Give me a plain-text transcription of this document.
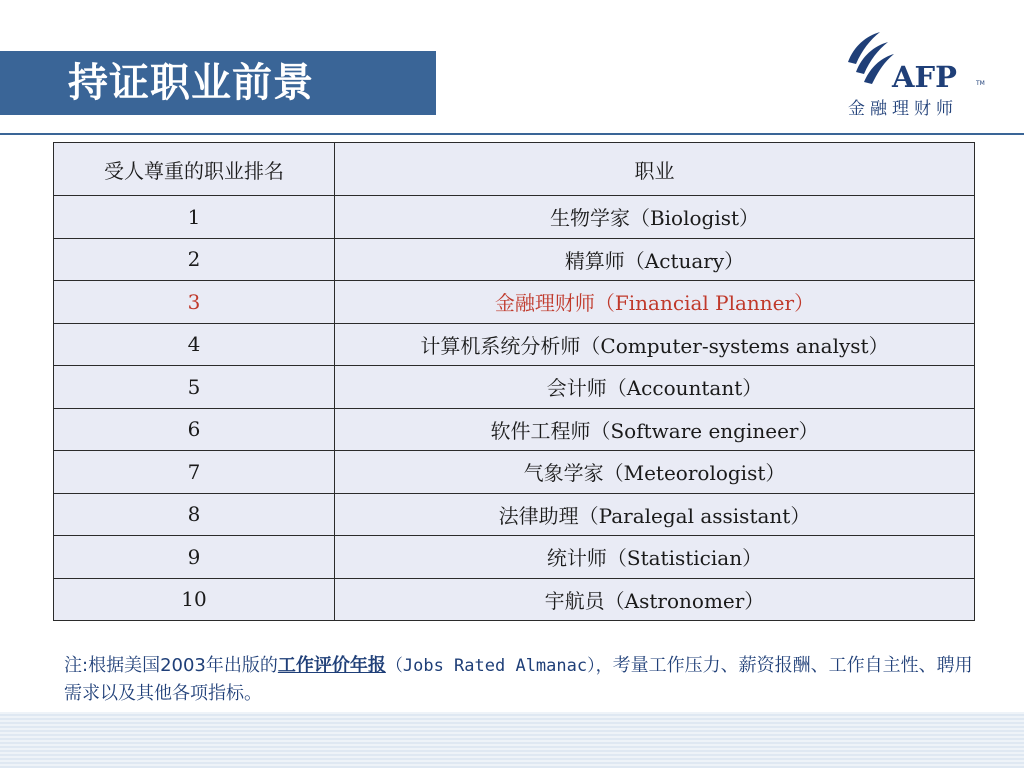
持证职业前景	AFP	TM
金融理财师
受人尊重的职业排名	职业
1	生物学家（Biologist）
2	精算师（Actuary）
3	金融理财师（Financial Planner）
4	计算机系统分析师（Computer-systems analyst）
5	会计师（Accountant）
6	软件工程师（Software engineer）
7	气象学家（Meteorologist）
8	法律助理（Paralegal assistant）
9	统计师（Statistician）
10	宇航员（Astronomer）
注:根据美国2003年出版的工作评价年报（Jobs Rated Almanac），考量工作压力、薪资报酬、工作自主性、聘用需求以及其他各项指标。
